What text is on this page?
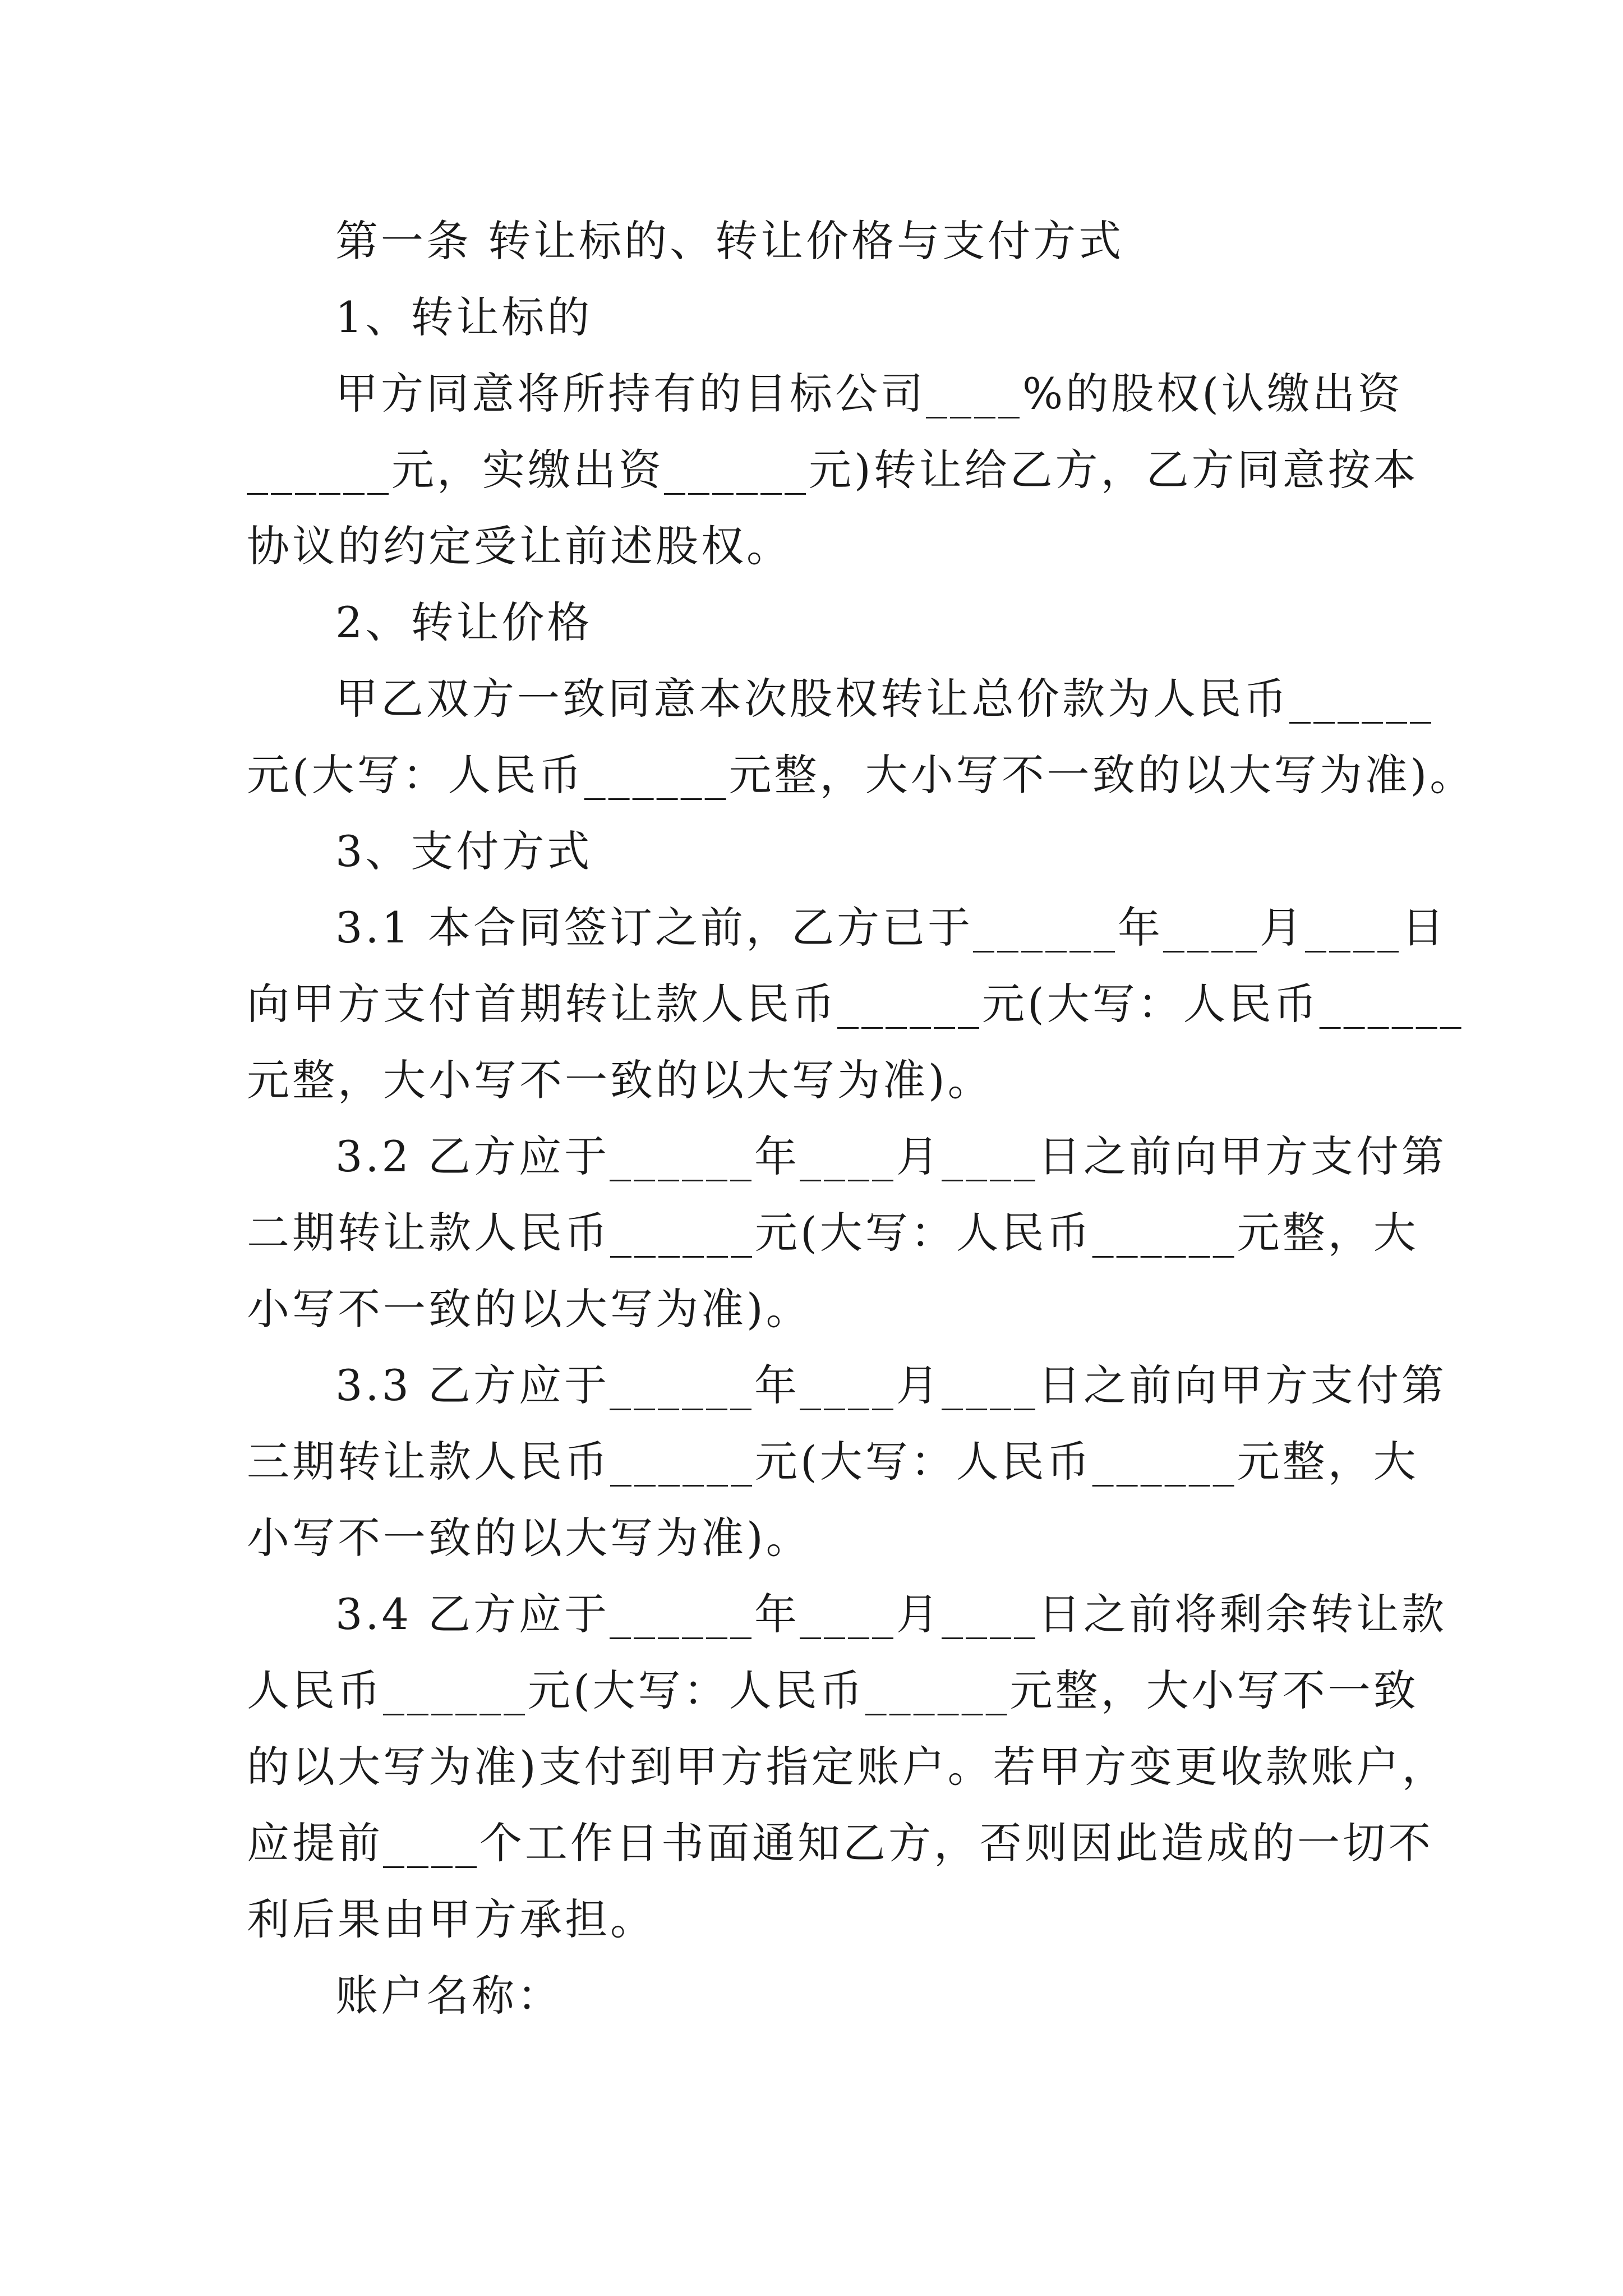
第一条 转让标的、转让价格与支付方式
1、转让标的
甲方同意将所持有的目标公司____%的股权(认缴出资
______元，实缴出资______元)转让给乙方，乙方同意按本
协议的约定受让前述股权。
2、转让价格
甲乙双方一致同意本次股权转让总价款为人民币______
元(大写：人民币______元整，大小写不一致的以大写为准)。
3、支付方式
3.1 本合同签订之前，乙方已于______年____月____日
向甲方支付首期转让款人民币______元(大写：人民币______
元整，大小写不一致的以大写为准)。
3.2 乙方应于______年____月____日之前向甲方支付第
二期转让款人民币______元(大写：人民币______元整，大
小写不一致的以大写为准)。
3.3 乙方应于______年____月____日之前向甲方支付第
三期转让款人民币______元(大写：人民币______元整，大
小写不一致的以大写为准)。
3.4 乙方应于______年____月____日之前将剩余转让款
人民币______元(大写：人民币______元整，大小写不一致
的以大写为准)支付到甲方指定账户。若甲方变更收款账户，
应提前____个工作日书面通知乙方，否则因此造成的一切不
利后果由甲方承担。
账户名称：
